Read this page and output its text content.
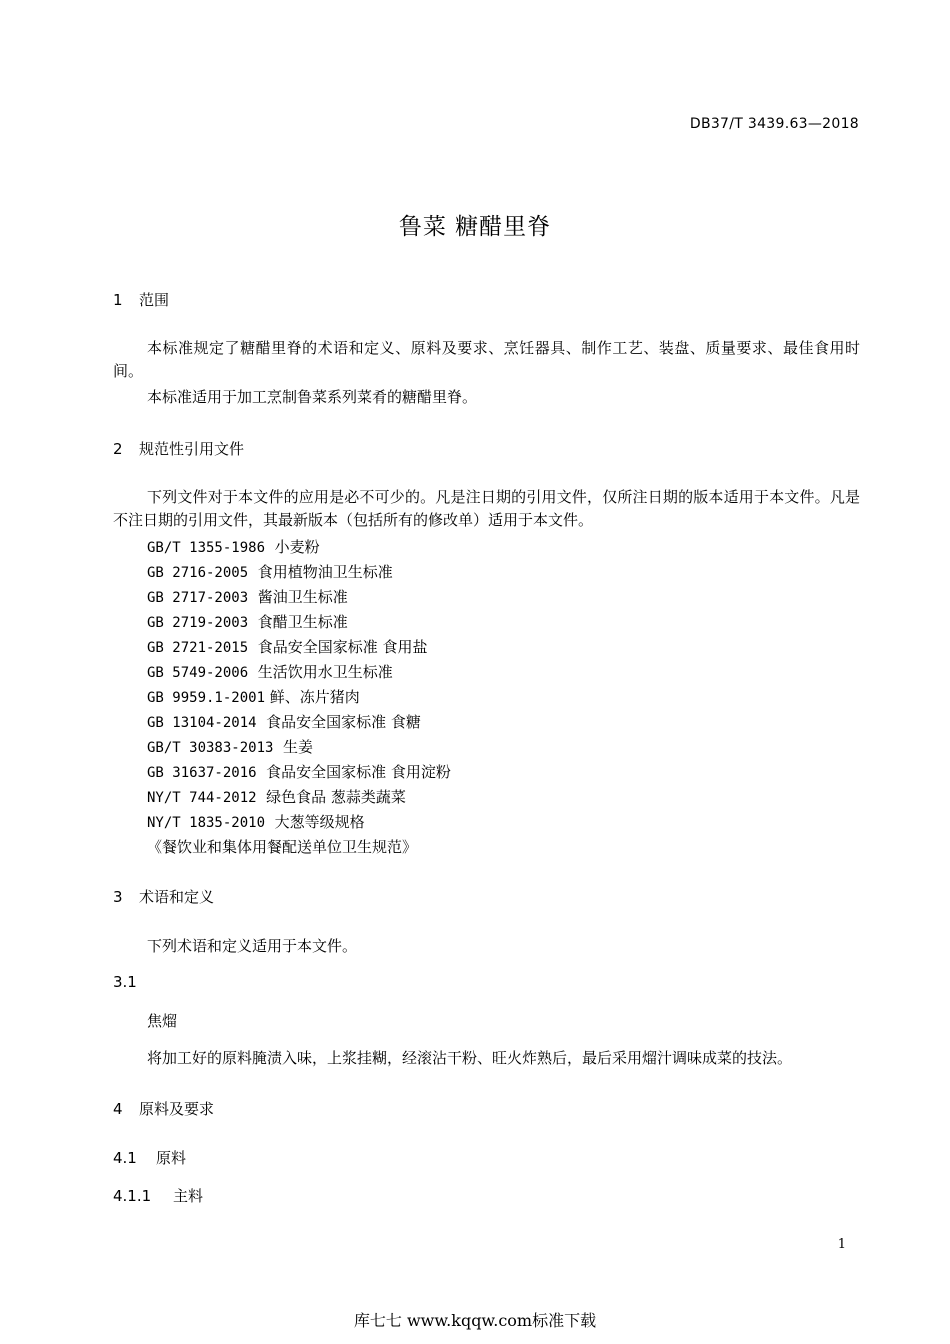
DB37/T 3439.63—2018
鲁菜 糖醋里脊
1 范围
本标准规定了糖醋里脊的术语和定义、原料及要求、烹饪器具、制作工艺、装盘、质量要求、最佳食用时间。
本标准适用于加工烹制鲁菜系列菜肴的糖醋里脊。
2 规范性引用文件
下列文件对于本文件的应用是必不可少的。凡是注日期的引用文件，仅所注日期的版本适用于本文件。凡是不注日期的引用文件，其最新版本（包括所有的修改单）适用于本文件。
GB/T 1355-1986 小麦粉
GB 2716-2005 食用植物油卫生标准
GB 2717-2003 酱油卫生标准
GB 2719-2003 食醋卫生标准
GB 2721-2015 食品安全国家标准 食用盐
GB 5749-2006 生活饮用水卫生标准
GB 9959.1-2001 鲜、冻片猪肉
GB 13104-2014 食品安全国家标准 食糖
GB/T 30383-2013 生姜
GB 31637-2016 食品安全国家标准 食用淀粉
NY/T 744-2012 绿色食品 葱蒜类蔬菜
NY/T 1835-2010 大葱等级规格
《餐饮业和集体用餐配送单位卫生规范》
3 术语和定义
下列术语和定义适用于本文件。
3.1
焦熘
将加工好的原料腌渍入味，上浆挂糊，经滚沾干粉、旺火炸熟后，最后采用熘汁调味成菜的技法。
4 原料及要求
4.1 原料
4.1.1 主料
1
库七七 www.kqqw.com标准下载
